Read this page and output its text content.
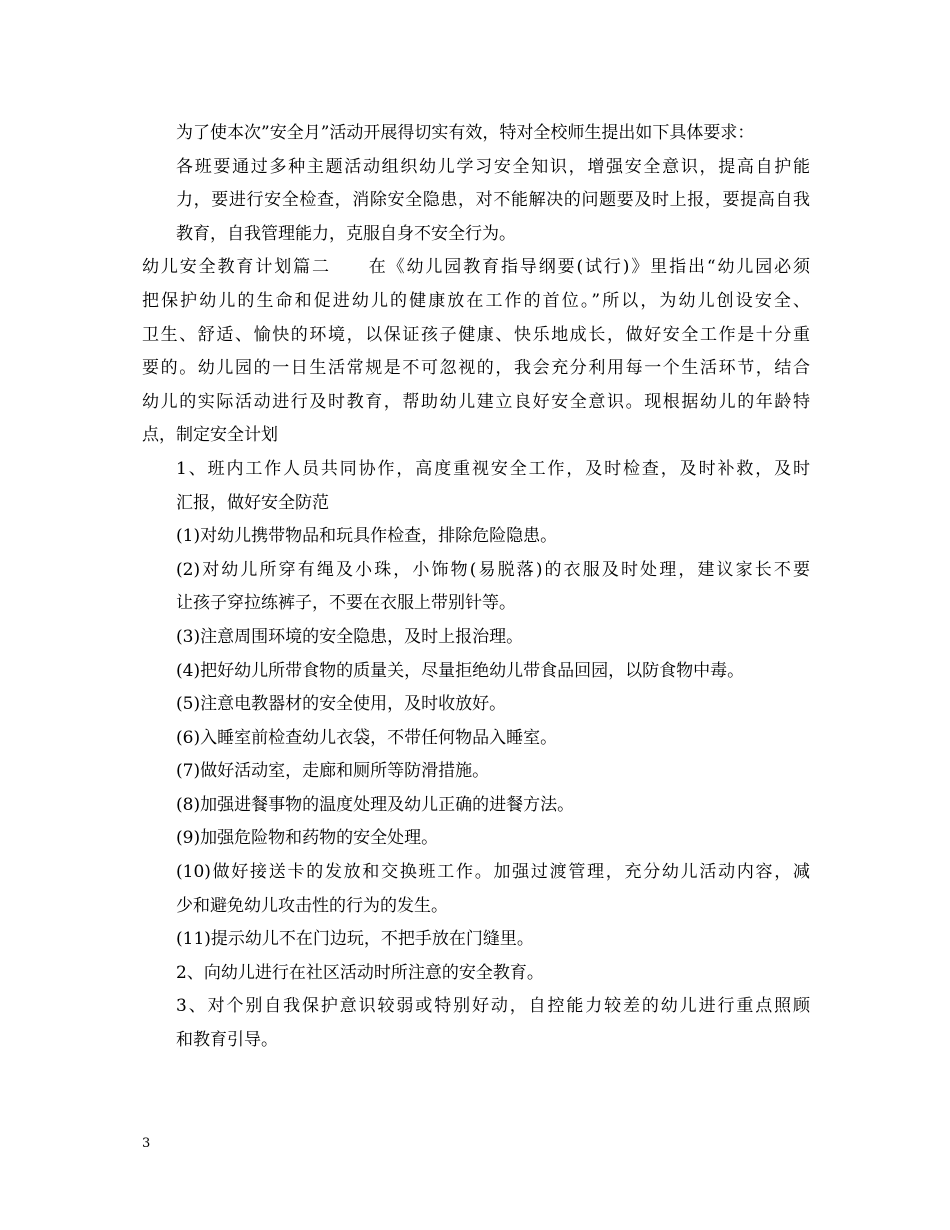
为了使本次”安全月”活动开展得切实有效，特对全校师生提出如下具体要求：
各班要通过多种主题活动组织幼儿学习安全知识，增强安全意识，提高自护能
力，要进行安全检查，消除安全隐患，对不能解决的问题要及时上报，要提高自我
教育，自我管理能力，克服自身不安全行为。
幼儿安全教育计划篇二 在《幼儿园教育指导纲要(试行)》里指出“幼儿园必须
把保护幼儿的生命和促进幼儿的健康放在工作的首位。”所以，为幼儿创设安全、
卫生、舒适、愉快的环境，以保证孩子健康、快乐地成长，做好安全工作是十分重
要的。幼儿园的一日生活常规是不可忽视的，我会充分利用每一个生活环节，结合
幼儿的实际活动进行及时教育，帮助幼儿建立良好安全意识。现根据幼儿的年龄特
点，制定安全计划
1、班内工作人员共同协作，高度重视安全工作，及时检查，及时补救，及时
汇报，做好安全防范
(1)对幼儿携带物品和玩具作检查，排除危险隐患。
(2)对幼儿所穿有绳及小珠，小饰物(易脱落)的衣服及时处理，建议家长不要
让孩子穿拉练裤子，不要在衣服上带别针等。
(3)注意周围环境的安全隐患，及时上报治理。
(4)把好幼儿所带食物的质量关，尽量拒绝幼儿带食品回园，以防食物中毒。
(5)注意电教器材的安全使用，及时收放好。
(6)入睡室前检查幼儿衣袋，不带任何物品入睡室。
(7)做好活动室，走廊和厕所等防滑措施。
(8)加强进餐事物的温度处理及幼儿正确的进餐方法。
(9)加强危险物和药物的安全处理。
(10)做好接送卡的发放和交换班工作。加强过渡管理，充分幼儿活动内容，减
少和避免幼儿攻击性的行为的发生。
(11)提示幼儿不在门边玩，不把手放在门缝里。
2、向幼儿进行在社区活动时所注意的安全教育。
3、对个别自我保护意识较弱或特别好动，自控能力较差的幼儿进行重点照顾
和教育引导。
3
